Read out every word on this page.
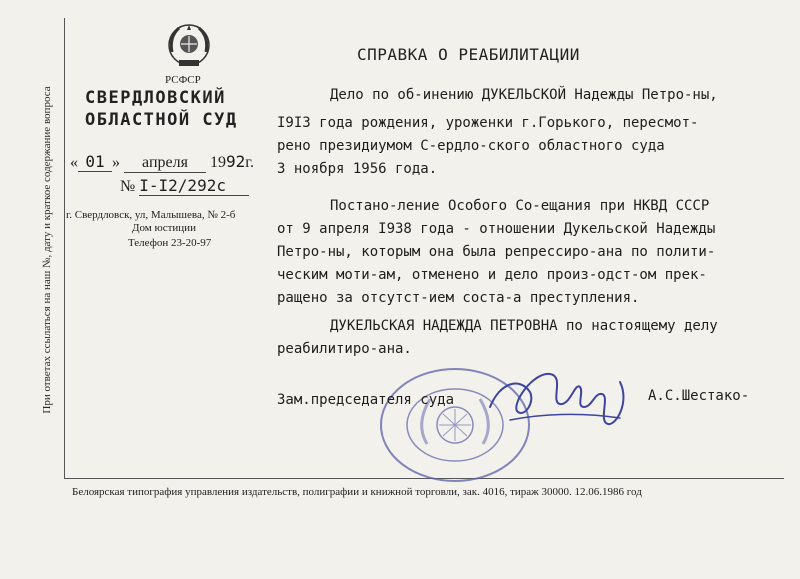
При ответах ссылаться на наш №, дату и краткое содержание вопроса
РСФСР
СВЕРДЛОВСКИЙ
ОБЛАСТНОЙ СУД
« 01 » апреля 1992г.
№ I-I2/292с
г. Свердловск, ул, Малышева, № 2-б
Дом юстиции
Телефон 23-20-97
СПРАВКА О РЕАБИЛИТАЦИИ
Дело по об-инению ДУКЕЛЬСКОЙ Надежды Петро-ны,
I9I3 года рождения, уроженки г.Горького, пересмот-
рено президиумом С-ердло-ского областного суда
3 ноября 1956 года.
Постано-ление Особого Со-ещания при НКВД СССР
от 9 апреля I938 года - отношении Дукельской Надежды
Петро-ны, которым она была репрессиро-ана по полити-
ческим моти-ам, отменено и дело произ-одст-ом прек-
ращено за отсутст-ием соста-а преступления.
ДУКЕЛЬСКАЯ НАДЕЖДА ПЕТРОВНА по настоящему делу
реабилитиро-ана.
Зам.председателя суда	А.С.Шестако-
Белоярская типография управления издательств, полиграфии и книжной торговли, зак. 4016, тираж 30000. 12.06.1986 год
